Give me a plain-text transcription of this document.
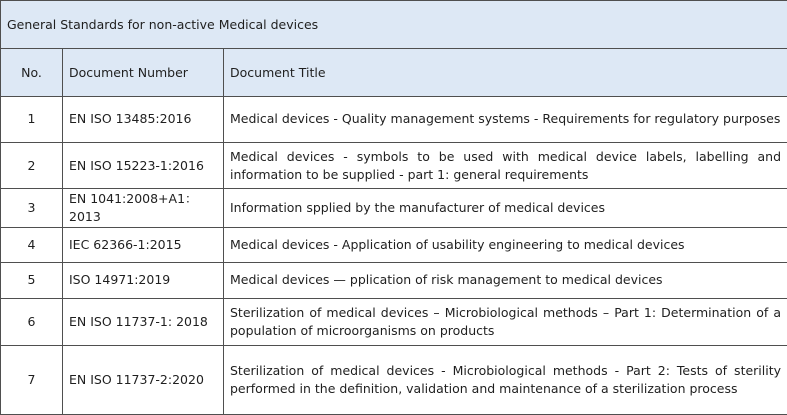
General Standards for non-active Medical devices		
No.	Document Number	Document Title
1	EN ISO 13485:2016	Medical devices - Quality management systems - Requirements for regulatory purposes
2	EN ISO 15223-1:2016	Medical devices - symbols to be used with medical device labels, labelling and information to be supplied - part 1: general requirements
3	EN 1041:2008+A1：2013	Information spplied by the manufacturer of medical devices
4	IEC 62366-1:2015	Medical devices - Application of usability engineering to medical devices
5	ISO 14971:2019	Medical devices — pplication of risk management to medical devices
6	EN ISO 11737-1: 2018	Sterilization of medical devices – Microbiological methods – Part 1: Determination of a population of microorganisms on products
7	EN ISO 11737-2:2020	Sterilization of medical devices - Microbiological methods - Part 2: Tests of sterility performed in the definition, validation and maintenance of a sterilization process
